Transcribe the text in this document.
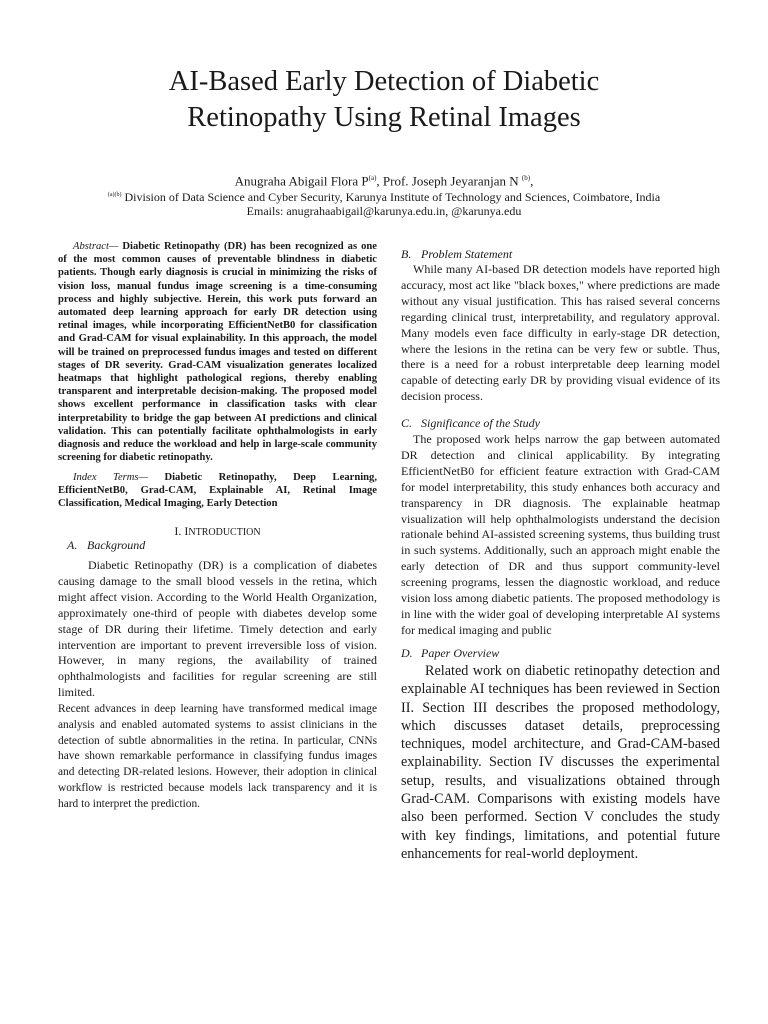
AI-Based Early Detection of Diabetic
Retinopathy Using Retinal Images
Anugraha Abigail Flora $P^{(a)}$, Prof. Joseph Jeyaranjan N $^{(b)}$,
$^{(a)(b)}$ Division of Data Science and Cyber Security, Karunya Institute of Technology and Sciences, Coimbatore, India
Emails: anugrahaabigail@karunya.edu.in, @karunya.edu

Abstract— Diabetic Retinopathy (DR) has been recognized as one of the most common causes of preventable blindness in diabetic patients. Though early diagnosis is crucial in minimizing the risks of vision loss, manual fundus image screening is a time-consuming process and highly subjective. Herein, this work puts forward an automated deep learning approach for early DR detection using retinal images, while incorporating EfficientNetB0 for classification and Grad-CAM for visual explainability. In this approach, the model will be trained on preprocessed fundus images and tested on different stages of DR severity. Grad-CAM visualization generates localized heatmaps that highlight pathological regions, thereby enabling transparent and interpretable decision-making. The proposed model shows excellent performance in classification tasks with clear interpretability to bridge the gap between AI predictions and clinical validation. This can potentially facilitate ophthalmologists in early diagnosis and reduce the workload and help in large-scale community screening for diabetic retinopathy.

Index Terms— Diabetic Retinopathy, Deep Learning, EfficientNetB0, Grad-CAM, Explainable AI, Retinal Image Classification, Medical Imaging, Early Detection

I. INTRODUCTION
A. Background

Diabetic Retinopathy (DR) is a complication of diabetes causing damage to the small blood vessels in the retina, which might affect vision. According to the World Health Organization, approximately one-third of people with diabetes develop some stage of DR during their lifetime. Timely detection and early intervention are important to prevent irreversible loss of vision. However, in many regions, the availability of trained ophthalmologists and facilities for regular screening are still limited.

Recent advances in deep learning have transformed medical image analysis and enabled automated systems to assist clinicians in the detection of subtle abnormalities in the retina. In particular, CNNs have shown remarkable performance in classifying fundus images and detecting DR-related lesions. However, their adoption in clinical workflow is restricted because models lack transparency and it is hard to interpret the prediction.

B. Problem Statement

While many AI-based DR detection models have reported high accuracy, most act like "black boxes," where predictions are made without any visual justification. This has raised several concerns regarding clinical trust, interpretability, and regulatory approval. Many models even face difficulty in early-stage DR detection, where the lesions in the retina can be very few or subtle. Thus, there is a need for a robust interpretable deep learning model capable of detecting early DR by providing visual evidence of its decision process.

C. Significance of the Study

The proposed work helps narrow the gap between automated DR detection and clinical applicability. By integrating EfficientNetB0 for efficient feature extraction with Grad-CAM for model interpretability, this study enhances both accuracy and transparency in DR diagnosis. The explainable heatmap visualization will help ophthalmologists understand the decision rationale behind AI-assisted screening systems, thus building trust in such systems. Additionally, such an approach might enable the early detection of DR and thus support community-level screening programs, lessen the diagnostic workload, and reduce vision loss among diabetic patients. The proposed methodology is in line with the wider goal of developing interpretable AI systems for medical imaging and public

D. Paper Overview

Related work on diabetic retinopathy detection and explainable AI techniques has been reviewed in Section II. Section III describes the proposed methodology, which discusses dataset details, preprocessing techniques, model architecture, and Grad-CAM-based explainability. Section IV discusses the experimental setup, results, and visualizations obtained through Grad-CAM. Comparisons with existing models have also been performed. Section V concludes the study with key findings, limitations, and potential future enhancements for real-world deployment.
